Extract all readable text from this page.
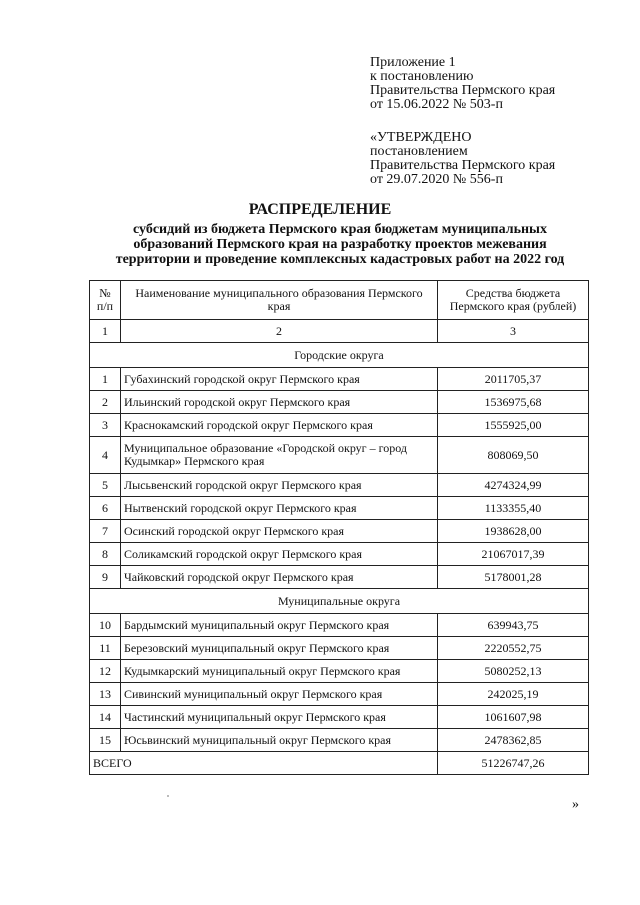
Приложение 1
к постановлению
Правительства Пермского края
от 15.06.2022 № 503-п
«УТВЕРЖДЕНО
постановлением
Правительства Пермского края
от 29.07.2020 № 556-п
РАСПРЕДЕЛЕНИЕ
субсидий из бюджета Пермского края бюджетам муниципальных
образований Пермского края на разработку проектов межевания
территории и проведение комплексных кадастровых работ на 2022 год
№ п/п	Наименование муниципального образования Пермского края	Средства бюджета Пермского края (рублей)
1	2	3
Городские округа		
1	Губахинский городской округ Пермского края	2011705,37
2	Ильинский городской округ Пермского края	1536975,68
3	Краснокамский городской округ Пермского края	1555925,00
4	Муниципальное образование «Городской округ – город Кудымкар» Пермского края	808069,50
5	Лысьвенский городской округ Пермского края	4274324,99
6	Нытвенский городской округ Пермского края	1133355,40
7	Осинский городской округ Пермского края	1938628,00
8	Соликамский городской округ Пермского края	21067017,39
9	Чайковский городской округ Пермского края	5178001,28
Муниципальные округа		
10	Бардымский муниципальный округ Пермского края	639943,75
11	Березовский муниципальный округ Пермского края	2220552,75
12	Кудымкарский муниципальный округ Пермского края	5080252,13
13	Сивинский муниципальный округ Пермского края	242025,19
14	Частинский муниципальный округ Пермского края	1061607,98
15	Юсьвинский муниципальный округ Пермского края	2478362,85
ВСЕГО		51226747,26
»
